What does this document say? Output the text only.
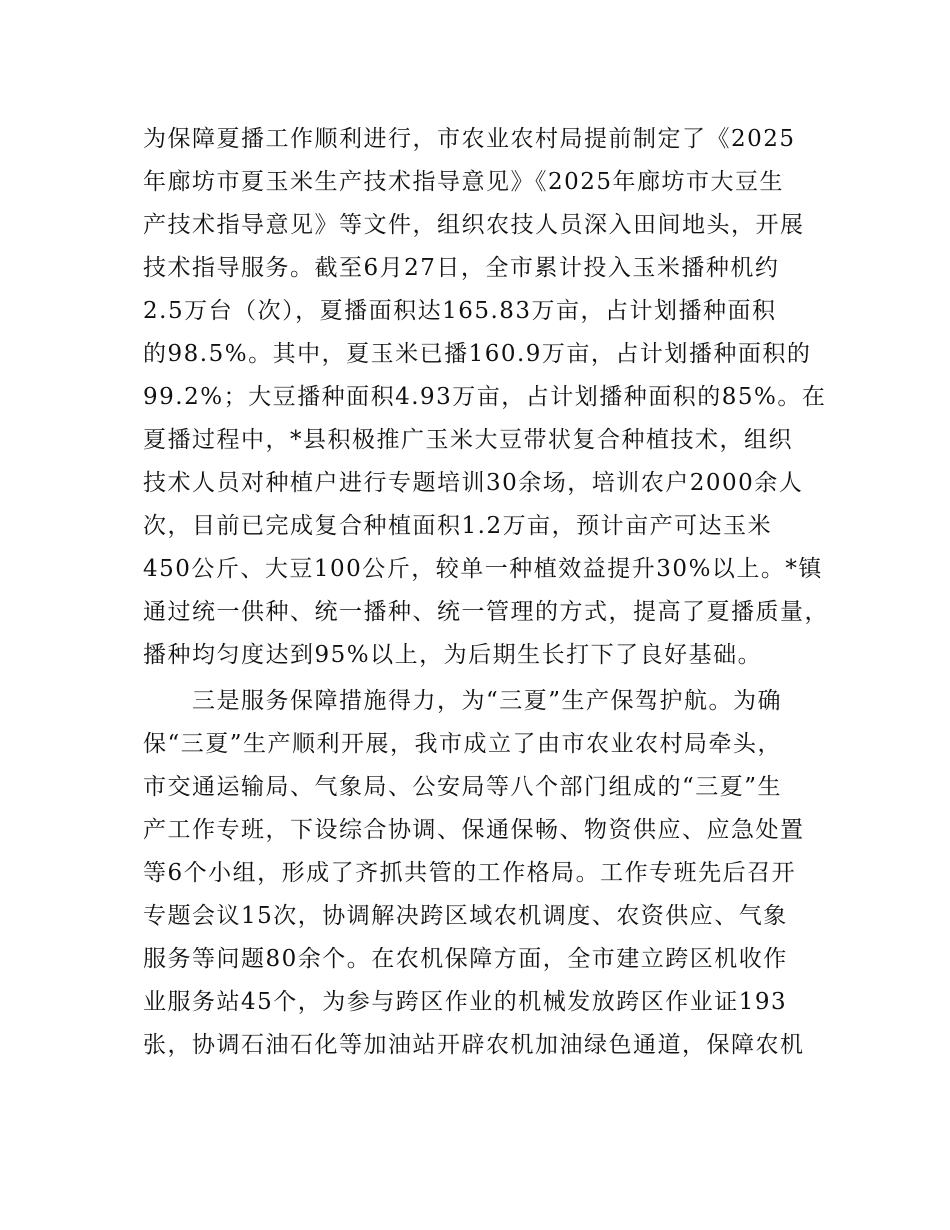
为保障夏播工作顺利进行，市农业农村局提前制定了《2025
年廊坊市夏玉米生产技术指导意见》《2025年廊坊市大豆生
产技术指导意见》等文件，组织农技人员深入田间地头，开展
技术指导服务。截至6月27日，全市累计投入玉米播种机约
2.5万台（次），夏播面积达165.83万亩，占计划播种面积
的98.5%。其中，夏玉米已播160.9万亩，占计划播种面积的
99.2%；大豆播种面积4.93万亩，占计划播种面积的85%。在
夏播过程中，*县积极推广玉米大豆带状复合种植技术，组织
技术人员对种植户进行专题培训30余场，培训农户2000余人
次，目前已完成复合种植面积1.2万亩，预计亩产可达玉米
450公斤、大豆100公斤，较单一种植效益提升30%以上。*镇
通过统一供种、统一播种、统一管理的方式，提高了夏播质量，
播种均匀度达到95%以上，为后期生长打下了良好基础。
　　三是服务保障措施得力，为“三夏”生产保驾护航。为确
保“三夏”生产顺利开展，我市成立了由市农业农村局牵头，
市交通运输局、气象局、公安局等八个部门组成的“三夏”生
产工作专班，下设综合协调、保通保畅、物资供应、应急处置
等6个小组，形成了齐抓共管的工作格局。工作专班先后召开
专题会议15次，协调解决跨区域农机调度、农资供应、气象
服务等问题80余个。在农机保障方面，全市建立跨区机收作
业服务站45个，为参与跨区作业的机械发放跨区作业证193
张，协调石油石化等加油站开辟农机加油绿色通道，保障农机
